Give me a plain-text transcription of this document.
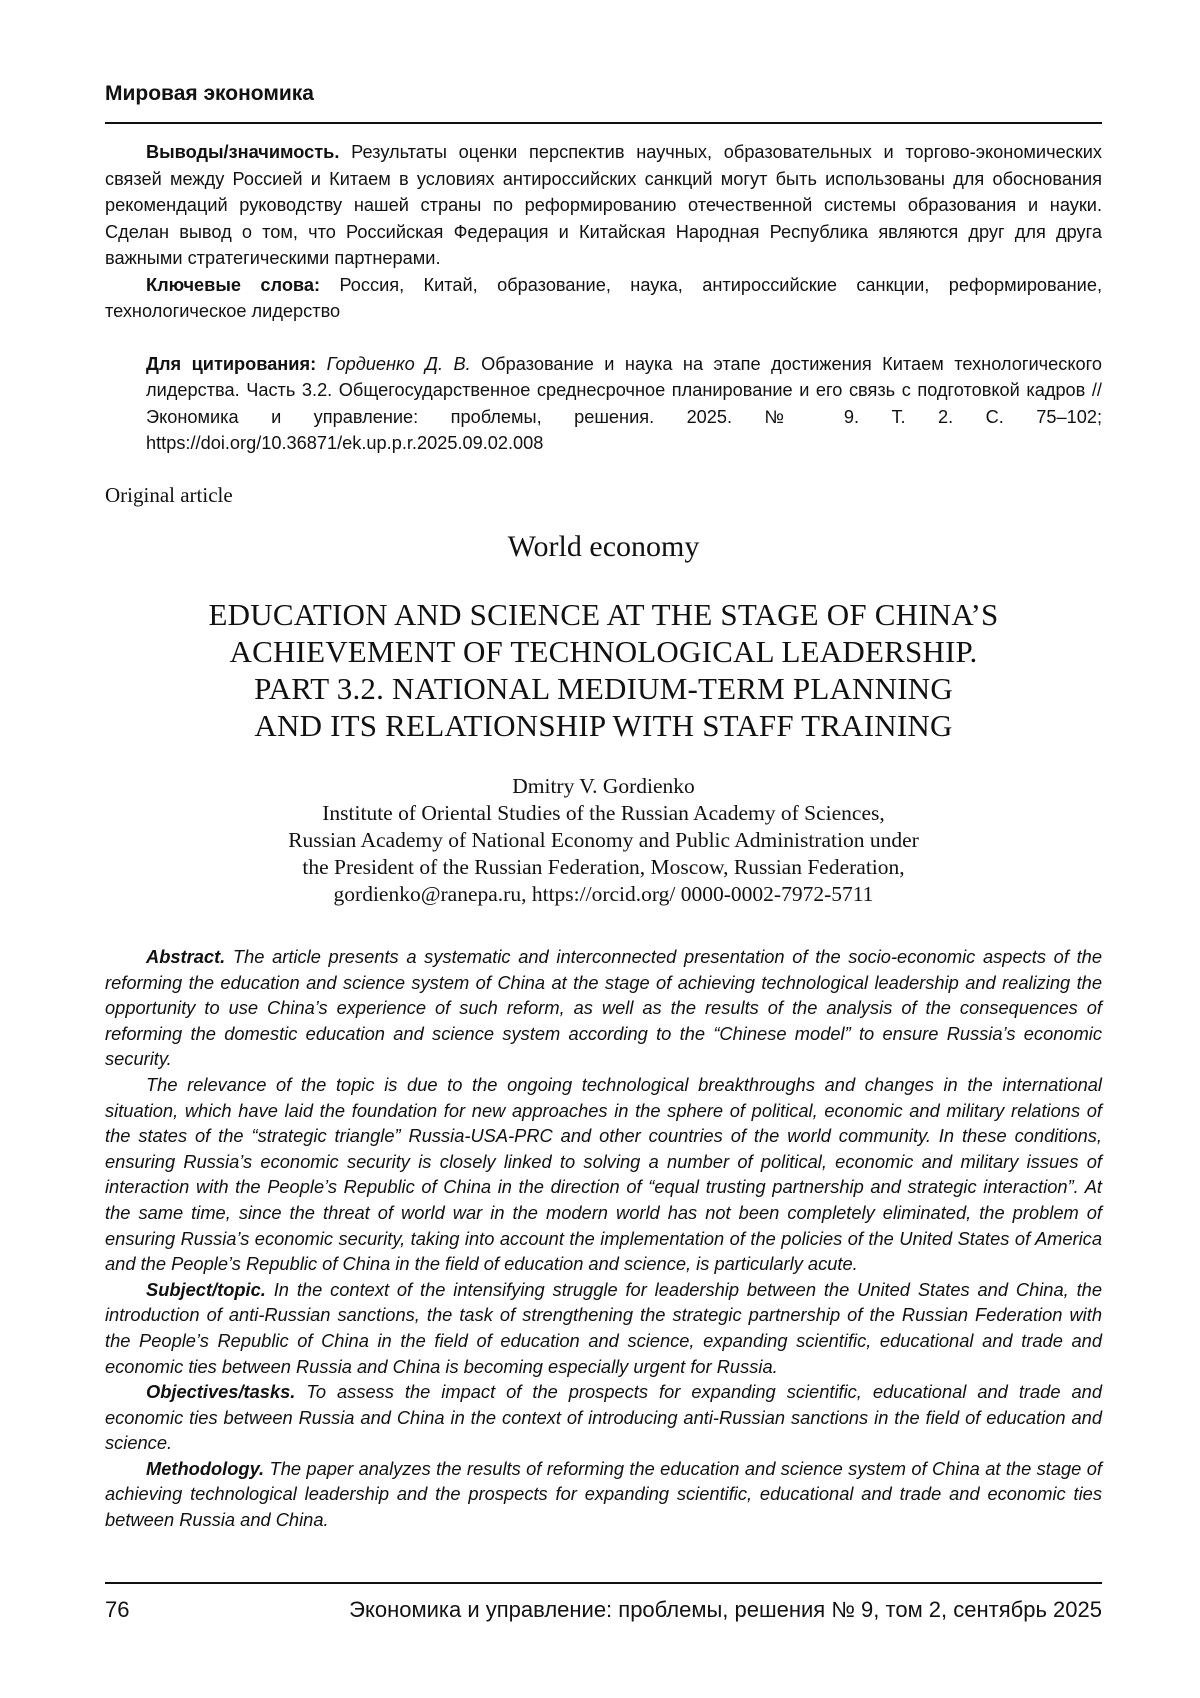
Мировая экономика

Выводы/значимость. Результаты оценки перспектив научных, образовательных и торгово-экономических связей между Россией и Китаем в условиях антироссийских санкций могут быть использованы для обоснования рекомендаций руководству нашей страны по реформированию отечественной системы образования и науки. Сделан вывод о том, что Российская Федерация и Китайская Народная Республика являются друг для друга важными стратегическими партнерами.

Ключевые слова: Россия, Китай, образование, наука, антироссийские санкции, реформирование, технологическое лидерство

Для цитирования: Гордиенко Д. В. Образование и наука на этапе достижения Китаем технологического лидерства. Часть 3.2. Общегосударственное среднесрочное планирование и его связь с подготовкой кадров // Экономика и управление: проблемы, решения. 2025. № 9. Т. 2. С. 75–102; https://doi.org/10.36871/ek.up.p.r.2025.09.02.008

Original article
World economy
EDUCATION AND SCIENCE AT THE STAGE OF CHINA’S
ACHIEVEMENT OF TECHNOLOGICAL LEADERSHIP.
PART 3.2. NATIONAL MEDIUM-TERM PLANNING
AND ITS RELATIONSHIP WITH STAFF TRAINING
Dmitry V. Gordienko
Institute of Oriental Studies of the Russian Academy of Sciences,
Russian Academy of National Economy and Public Administration under
the President of the Russian Federation, Moscow, Russian Federation,
gordienko@ranepa.ru, https://orcid.org/ 0000-0002-7972-5711

Abstract. The article presents a systematic and interconnected presentation of the socio-economic aspects of the reforming the education and science system of China at the stage of achieving technological leadership and realizing the opportunity to use China’s experience of such reform, as well as the results of the analysis of the consequences of reforming the domestic education and science system according to the “Chinese model” to ensure Russia’s economic security.

The relevance of the topic is due to the ongoing technological breakthroughs and changes in the international situation, which have laid the foundation for new approaches in the sphere of political, economic and military relations of the states of the “strategic triangle” Russia-USA-PRC and other countries of the world community. In these conditions, ensuring Russia’s economic security is closely linked to solving a number of political, economic and military issues of interaction with the People’s Republic of China in the direction of “equal trusting partnership and strategic interaction”. At the same time, since the threat of world war in the modern world has not been completely eliminated, the problem of ensuring Russia’s economic security, taking into account the implementation of the policies of the United States of America and the People’s Republic of China in the field of education and science, is particularly acute.

Subject/topic. In the context of the intensifying struggle for leadership between the United States and China, the introduction of anti-Russian sanctions, the task of strengthening the strategic partnership of the Russian Federation with the People’s Republic of China in the field of education and science, expanding scientific, educational and trade and economic ties between Russia and China is becoming especially urgent for Russia.

Objectives/tasks. To assess the impact of the prospects for expanding scientific, educational and trade and economic ties between Russia and China in the context of introducing anti-Russian sanctions in the field of education and science.

Methodology. The paper analyzes the results of reforming the education and science system of China at the stage of achieving technological leadership and the prospects for expanding scientific, educational and trade and economic ties between Russia and China.

76	Экономика и управление: проблемы, решения № 9, том 2, сентябрь 2025
